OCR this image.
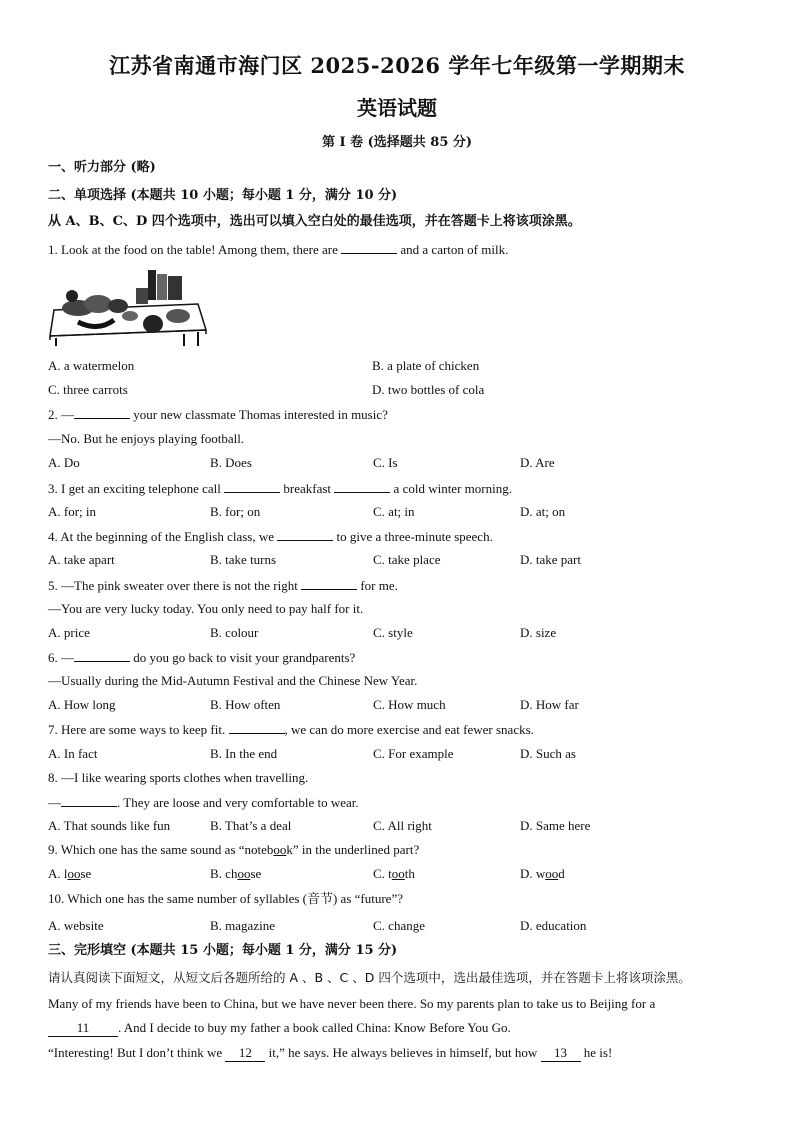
江苏省南通市海门区 2025-2026 学年七年级第一学期期末
英语试题
第 I 卷 (选择题共 85 分)
一、听力部分 (略)
二、单项选择 (本题共 10 小题；每小题 1 分，满分 10 分)
从 A、B、C、D 四个选项中，选出可以填入空白处的最佳选项，并在答题卡上将该项涂黑。
1. Look at the food on the table! Among them, there are	and a carton of milk.
A. a watermelon	B. a plate of chicken
C. three carrots	D. two bottles of cola
2. —	your new classmate Thomas interested in music?
—No. But he enjoys playing football.
A. Do	B. Does	C. Is	D. Are
3. I get an exciting telephone call	breakfast	a cold winter morning.
A. for; in	B. for; on	C. at; in	D. at; on
4. At the beginning of the English class, we	to give a three-minute speech.
A. take apart	B. take turns	C. take place	D. take part
5. —The pink sweater over there is not the right	for me.
—You are very lucky today. You only need to pay half for it.
A. price	B. colour	C. style	D. size
6. —	do you go back to visit your grandparents?
—Usually during the Mid-Autumn Festival and the Chinese New Year.
A. How long	B. How often	C. How much	D. How far
7. Here are some ways to keep fit.	, we can do more exercise and eat fewer snacks.
A. In fact	B. In the end	C. For example	D. Such as
8. —I like wearing sports clothes when travelling.
—	. They are loose and very comfortable to wear.
A. That sounds like fun	B. That’s a deal	C. All right	D. Same here
9. Which one has the same sound as “notebook” in the underlined part?
A. loose	B. choose	C. tooth	D. wood
10. Which one has the same number of syllables (音节) as “future”?
A. website	B. magazine	C. change	D. education
三、完形填空 (本题共 15 小题；每小题 1 分，满分 15 分)
请认真阅读下面短文，从短文后各题所给的 A 、B 、C 、D 四个选项中，选出最佳选项，并在答题卡上将该项涂黑。
Many of my friends have been to China, but we have never been there. So my parents plan to take us to Beijing for a
11 . And I decide to buy my father a book called China: Know Before You Go.
“Interesting! But I don’t think we 12 it,” he says. He always believes in himself, but how 13 he is!
